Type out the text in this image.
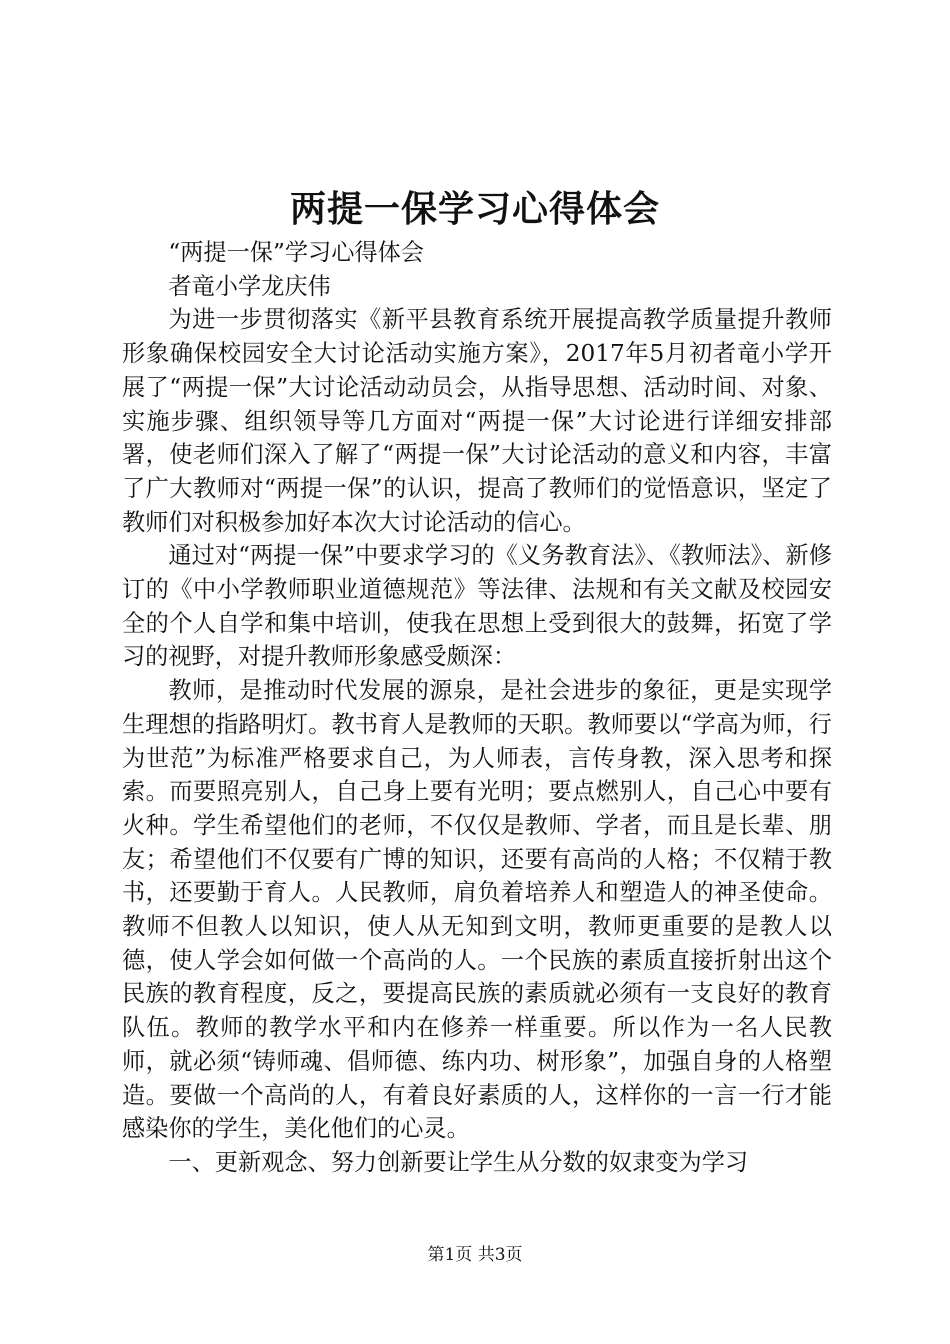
两提一保学习心得体会

“两提一保”学习心得体会

者竜小学龙庆伟

为进一步贯彻落实《新平县教育系统开展提高教学质量提升教师形象确保校园安全大讨论活动实施方案》，2017年5月初者竜小学开展了“两提一保”大讨论活动动员会，从指导思想、活动时间、对象、实施步骤、组织领导等几方面对“两提一保”大讨论进行详细安排部署，使老师们深入了解了“两提一保”大讨论活动的意义和内容，丰富了广大教师对“两提一保”的认识，提高了教师们的觉悟意识，坚定了教师们对积极参加好本次大讨论活动的信心。

通过对“两提一保”中要求学习的《义务教育法》、《教师法》、新修订的《中小学教师职业道德规范》等法律、法规和有关文献及校园安全的个人自学和集中培训，使我在思想上受到很大的鼓舞，拓宽了学习的视野，对提升教师形象感受颇深：

教师，是推动时代发展的源泉，是社会进步的象征，更是实现学生理想的指路明灯。教书育人是教师的天职。教师要以“学高为师，行为世范”为标准严格要求自己，为人师表，言传身教，深入思考和探索。而要照亮别人，自己身上要有光明；要点燃别人，自己心中要有火种。学生希望他们的老师，不仅仅是教师、学者，而且是长辈、朋友；希望他们不仅要有广博的知识，还要有高尚的人格；不仅精于教书，还要勤于育人。人民教师，肩负着培养人和塑造人的神圣使命。教师不但教人以知识，使人从无知到文明，教师更重要的是教人以德，使人学会如何做一个高尚的人。一个民族的素质直接折射出这个民族的教育程度，反之，要提高民族的素质就必须有一支良好的教育队伍。教师的教学水平和内在修养一样重要。所以作为一名人民教师，就必须“铸师魂、倡师德、练内功、树形象”，加强自身的人格塑造。要做一个高尚的人，有着良好素质的人，这样你的一言一行才能感染你的学生，美化他们的心灵。

一、更新观念、努力创新要让学生从分数的奴隶变为学习

第1页 共3页
